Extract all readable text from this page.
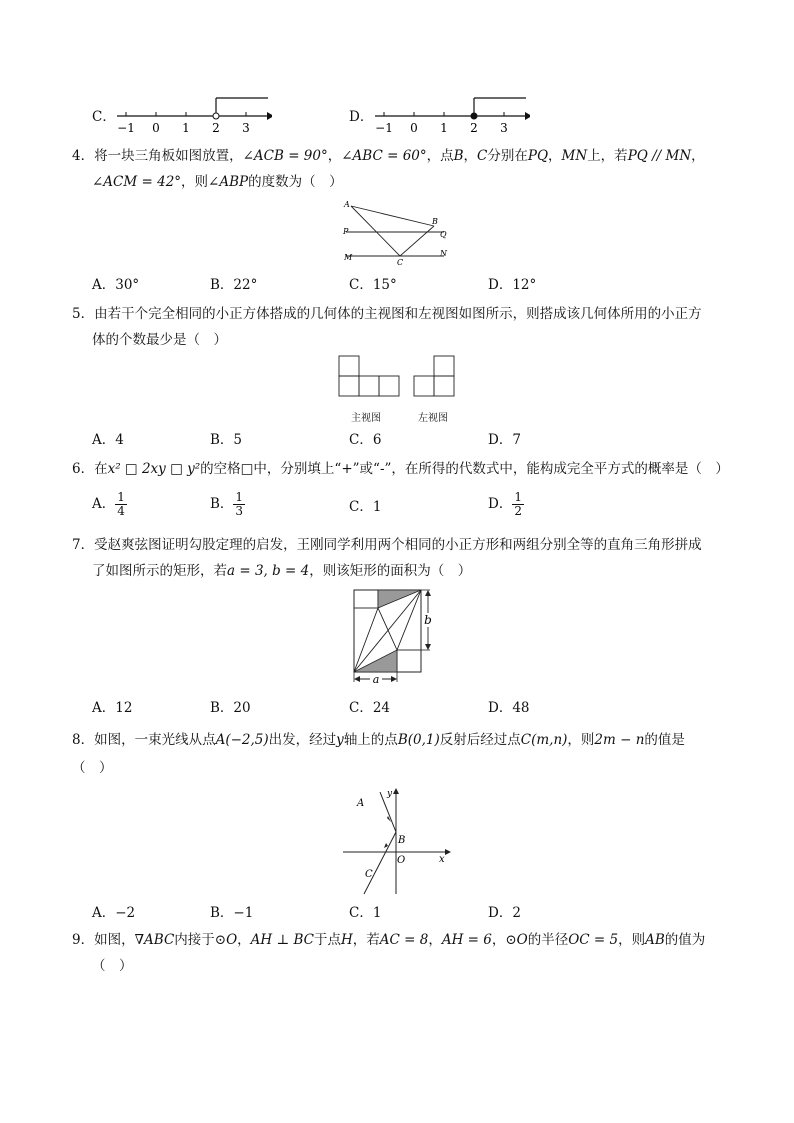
C．
−1 0 1 2 3
D．
−1 0 1 2 3
4．将一块三角板如图放置，∠ACB = 90°，∠ABC = 60°，点B，C分别在PQ，MN上，若PQ // MN，
∠ACM = 42°，则∠ABP的度数为（　）
A
B
P	Q
M
C
N
A．30°	B．22°	C．15°	D．12°
5．由若干个完全相同的小正方体搭成的几何体的主视图和左视图如图所示，则搭成该几何体所用的小正方
体的个数最少是（　）
主视图	左视图
A．4	B．5	C．6	D．7
6．在x² □ 2xy □ y²的空格□中，分别填上“+”或“-”，在所得的代数式中，能构成完全平方式的概率是（　）
A． $\frac{1}{4}$	B． $\frac{1}{3}$	C．1	D． $\frac{1}{2}$
7．受赵爽弦图证明勾股定理的启发，王刚同学利用两个相同的小正方形和两组分别全等的直角三角形拼成
了如图所示的矩形，若a = 3, b = 4，则该矩形的面积为（　）
a
b
A．12	B．20	C．24	D．48
8．如图，一束光线从点A(−2,5)出发，经过y轴上的点B(0,1)反射后经过点C(m,n)，则2m − n的值是
（　）
y
x
A
B
O
C
A．−2	B．−1	C．1	D．2
9．如图，∇ABC内接于⊙O，AH ⊥ BC于点H，若AC = 8，AH = 6，⊙O的半径OC = 5，则AB的值为
（　）
